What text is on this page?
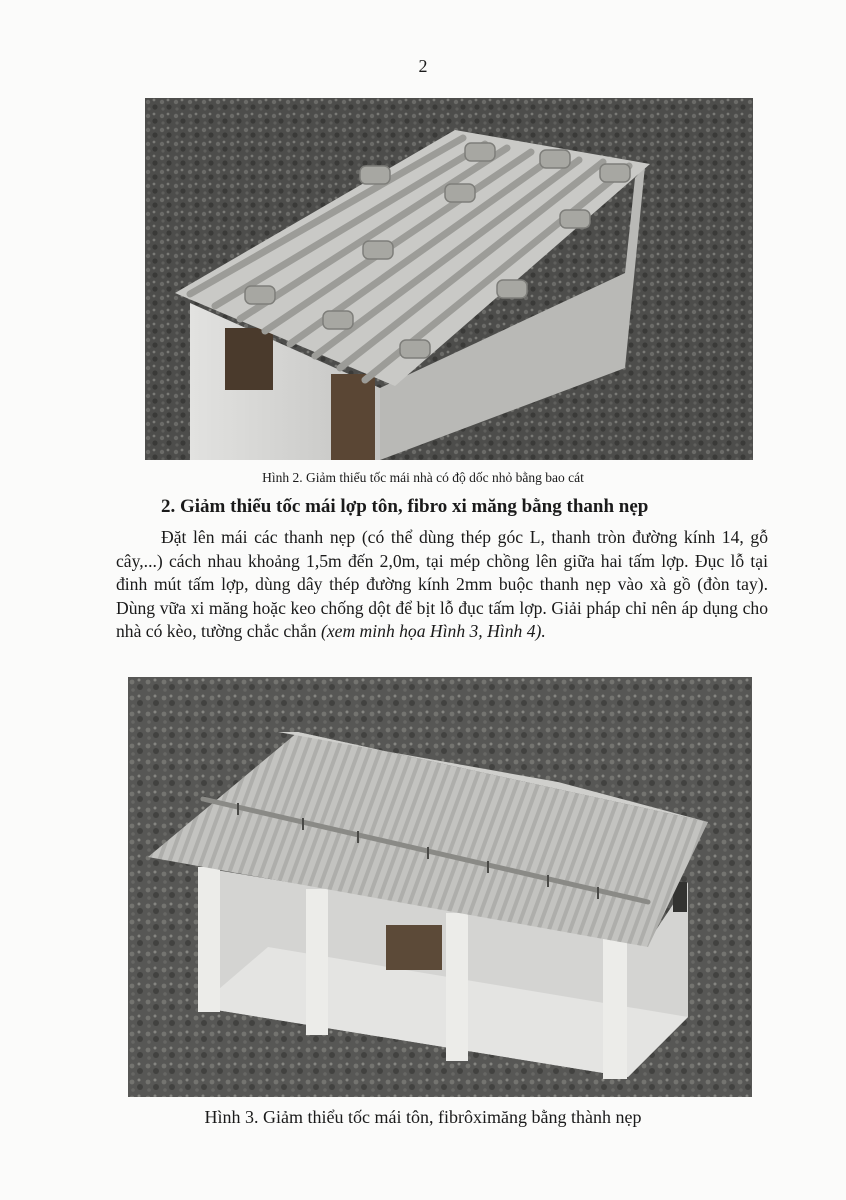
2
Hình 2. Giảm thiểu tốc mái nhà có độ dốc nhỏ bằng bao cát
2. Giảm thiểu tốc mái lợp tôn, fibro xi măng bằng thanh nẹp

Đặt lên mái các thanh nẹp (có thể dùng thép góc L, thanh tròn đường kính 14, gỗ cây,...) cách nhau khoảng 1,5m đến 2,0m, tại mép chồng lên giữa hai tấm lợp. Đục lỗ tại đinh mút tấm lợp, dùng dây thép đường kính 2mm buộc thanh nẹp vào xà gồ (đòn tay). Dùng vữa xi măng hoặc keo chống dột để bịt lỗ đục tấm lợp. Giải pháp chỉ nên áp dụng cho nhà có kèo, tường chắc chắn (xem minh họa Hình 3, Hình 4).

Hình 3. Giảm thiểu tốc mái tôn, fibrôximăng bằng thành nẹp
